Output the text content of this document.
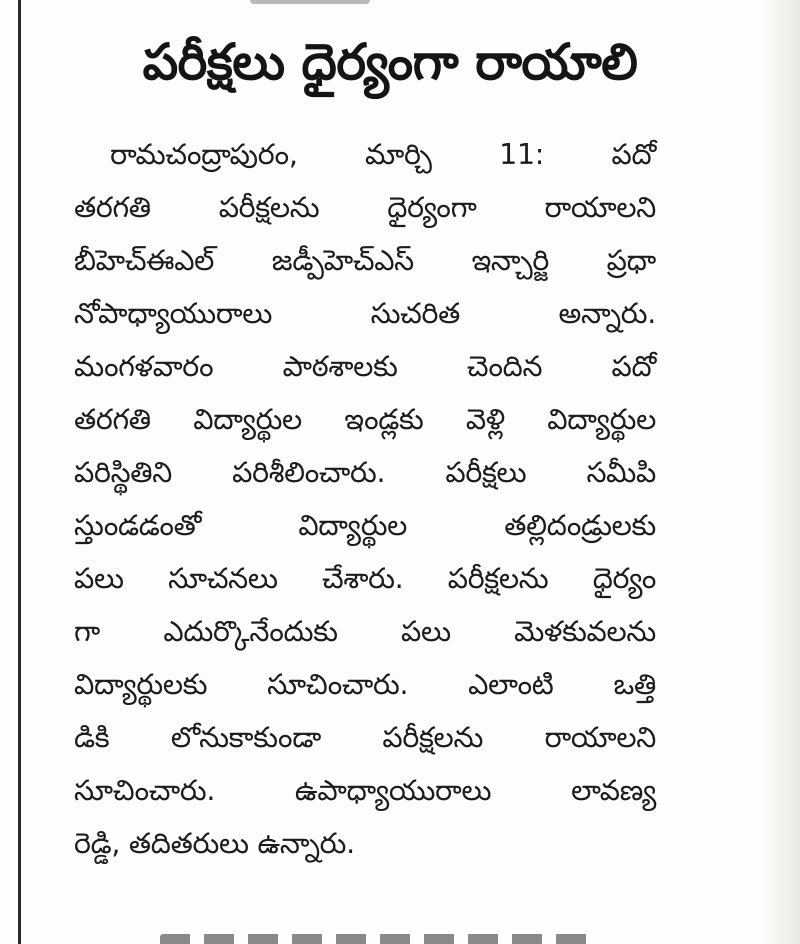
పరీక్షలు ధైర్యంగా రాయాలి
రామచంద్రాపురం, మార్చి 11: పదో
తరగతి పరీక్షలను ధైర్యంగా రాయాలని
బీహెచ్ఈఎల్ జడ్పీహెచ్ఎస్ ఇన్చార్జి ప్రధా
నోపాధ్యాయురాలు సుచరిత అన్నారు.
మంగళవారం పాఠశాలకు చెందిన పదో
తరగతి విద్యార్థుల ఇండ్లకు వెళ్లి విద్యార్థుల
పరిస్థితిని పరిశీలించారు. పరీక్షలు సమీపి
స్తుండడంతో విద్యార్థుల తల్లిదండ్రులకు
పలు సూచనలు చేశారు. పరీక్షలను ధైర్యం
గా ఎదుర్కొనేందుకు పలు మెళకువలను
విద్యార్థులకు సూచించారు. ఎలాంటి ఒత్తి
డికి లోనుకాకుండా పరీక్షలను రాయాలని
సూచించారు. ఉపాధ్యాయురాలు లావణ్య
రెడ్డి, తదితరులు ఉన్నారు.
